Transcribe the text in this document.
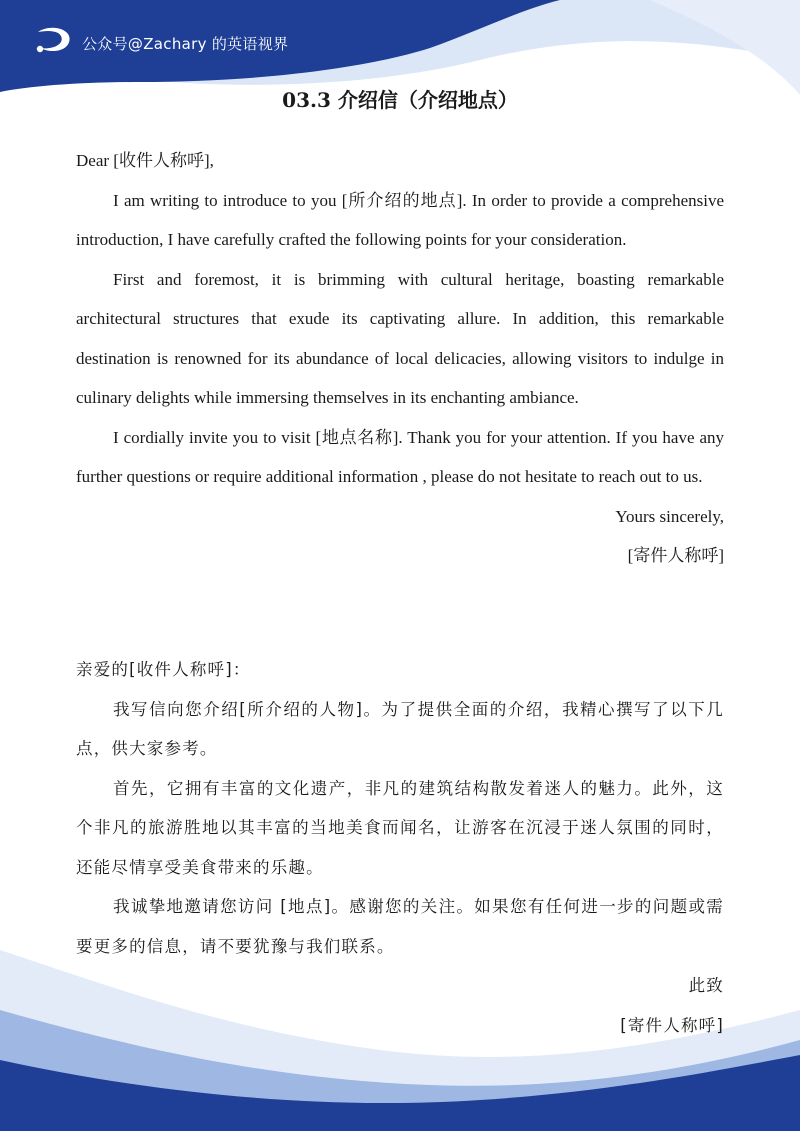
公众号@Zachary 的英语视界
03.3 介绍信（介绍地点）

Dear [收件人称呼],

I am writing to introduce to you [所介绍的地点]. In order to provide a comprehensive introduction, I have carefully crafted the following points for your consideration.

First and foremost, it is brimming with cultural heritage, boasting remarkable architectural structures that exude its captivating allure. In addition, this remarkable destination is renowned for its abundance of local delicacies, allowing visitors to indulge in culinary delights while immersing themselves in its enchanting ambiance.

I cordially invite you to visit [地点名称]. Thank you for your attention. If you have any further questions or require additional information , please do not hesitate to reach out to us.

Yours sincerely,

[寄件人称呼]

亲爱的[收件人称呼]：

我写信向您介绍[所介绍的人物]。为了提供全面的介绍，我精心撰写了以下几点，供大家参考。

首先，它拥有丰富的文化遗产，非凡的建筑结构散发着迷人的魅力。此外，这个非凡的旅游胜地以其丰富的当地美食而闻名，让游客在沉浸于迷人氛围的同时，还能尽情享受美食带来的乐趣。

我诚挚地邀请您访问 [地点]。感谢您的关注。如果您有任何进一步的问题或需要更多的信息，请不要犹豫与我们联系。

此致

[寄件人称呼]
